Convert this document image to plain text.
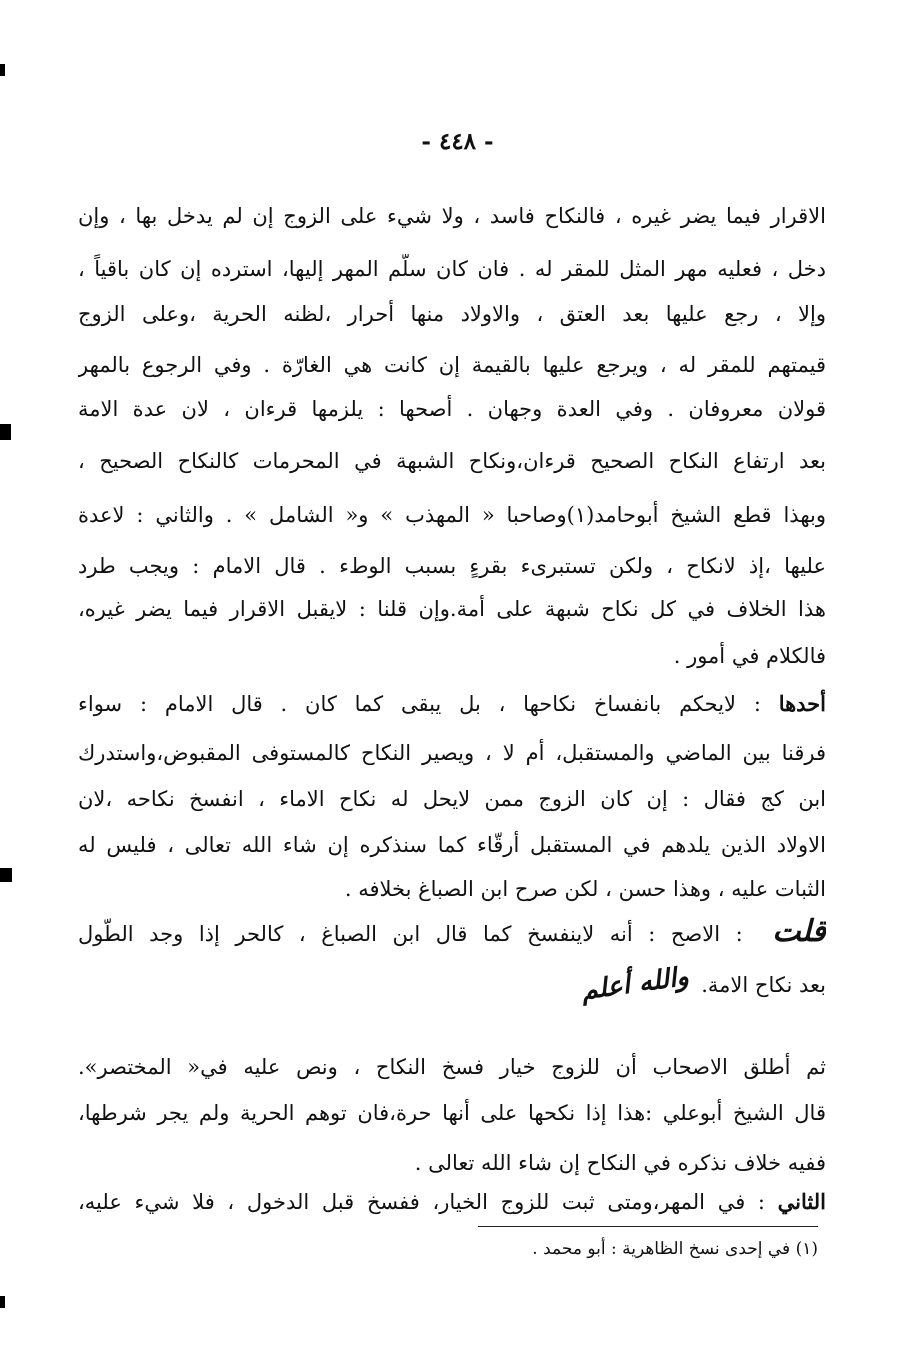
- ٤٤٨ -
الاقرار فيما يضر غيره ، فالنكاح فاسد ، ولا شيء على الزوج إن لم يدخل بها ، وإن
دخل ، فعليه مهر المثل للمقر له . فان كان سلّم المهر إليها، استرده إن كان باقياً ،
وإلا ، رجع عليها بعد العتق ، والاولاد منها أحرار ،لظنه الحرية ،وعلى الزوج
قيمتهم للمقر له ، ويرجع عليها بالقيمة إن كانت هي الغارّة . وفي الرجوع بالمهر
قولان معروفان . وفي العدة وجهان . أصحها : يلزمها قرءان ، لان عدة الامة
بعد ارتفاع النكاح الصحيح قرءان،ونكاح الشبهة في المحرمات كالنكاح الصحيح ،
وبهذا قطع الشيخ أبوحامد(١)وصاحبا « المهذب » و« الشامل » . والثاني : لاعدة
عليها ،إذ لانكاح ، ولكن تستبرىء بقرءٍ بسبب الوطء . قال الامام : ويجب طرد
هذا الخلاف في كل نكاح شبهة على أمة.وإن قلنا : لايقبل الاقرار فيما يضر غيره،
فالكلام في أمور .
أحدها : لايحكم بانفساخ نكاحها ، بل يبقى كما كان . قال الامام : سواء
فرقنا بين الماضي والمستقبل، أم لا ، ويصير النكاح كالمستوفى المقبوض،واستدرك
ابن كج فقال : إن كان الزوج ممن لايحل له نكاح الاماء ، انفسخ نكاحه ،لان
الاولاد الذين يلدهم في المستقبل أرقّاء كما سنذكره إن شاء الله تعالى ، فليس له
الثبات عليه ، وهذا حسن ، لكن صرح ابن الصباغ بخلافه .
قلت : الاصح : أنه لاينفسخ كما قال ابن الصباغ ، كالحر إذا وجد الطّول
بعد نكاح الامة.والله أعلم
ثم أطلق الاصحاب أن للزوج خيار فسخ النكاح ، ونص عليه في« المختصر».
قال الشيخ أبوعلي :هذا إذا نكحها على أنها حرة،فان توهم الحرية ولم يجر شرطها،
ففيه خلاف نذكره في النكاح إن شاء الله تعالى .
الثاني : في المهر،ومتى ثبت للزوج الخيار، ففسخ قبل الدخول ، فلا شيء عليه،
(١) في إحدى نسخ الظاهرية : أبو محمد .
